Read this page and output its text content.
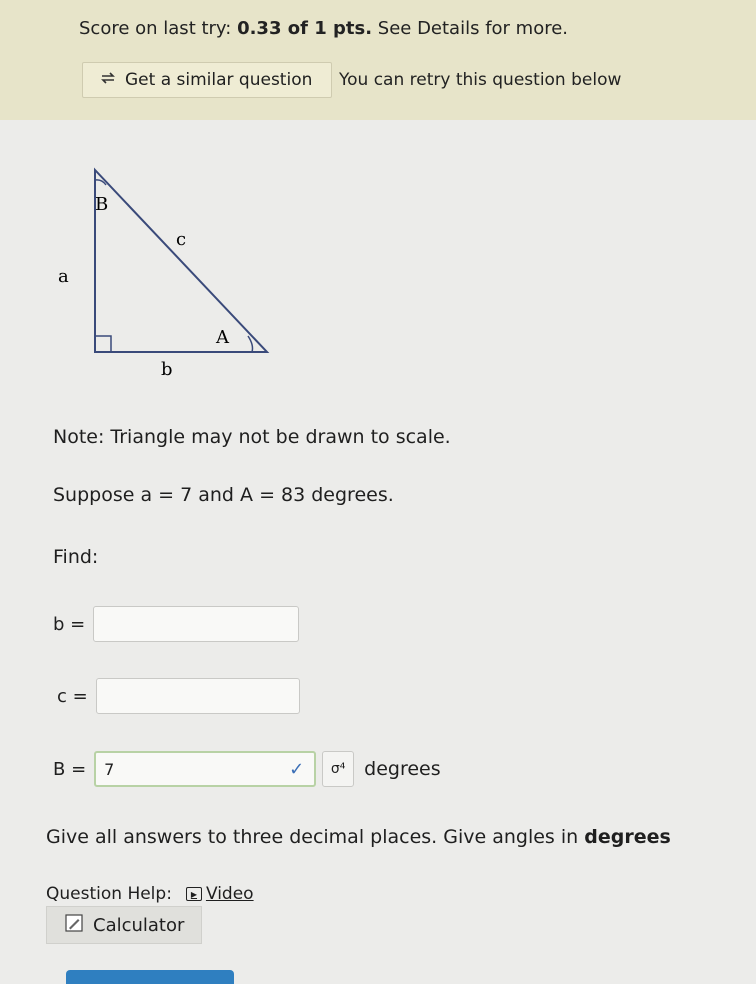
Score on last try: 0.33 of 1 pts. See Details for more.
Get a similar question You can retry this question below
B
c
a
A
b
Note: Triangle may not be drawn to scale.
Suppose a = 7 and A = 83 degrees.
Find:
b =
c =
B = 7	✓	σ⁴ degrees
Give all answers to three decimal places. Give angles in degrees
Question Help:	▶ Video
Calculator
